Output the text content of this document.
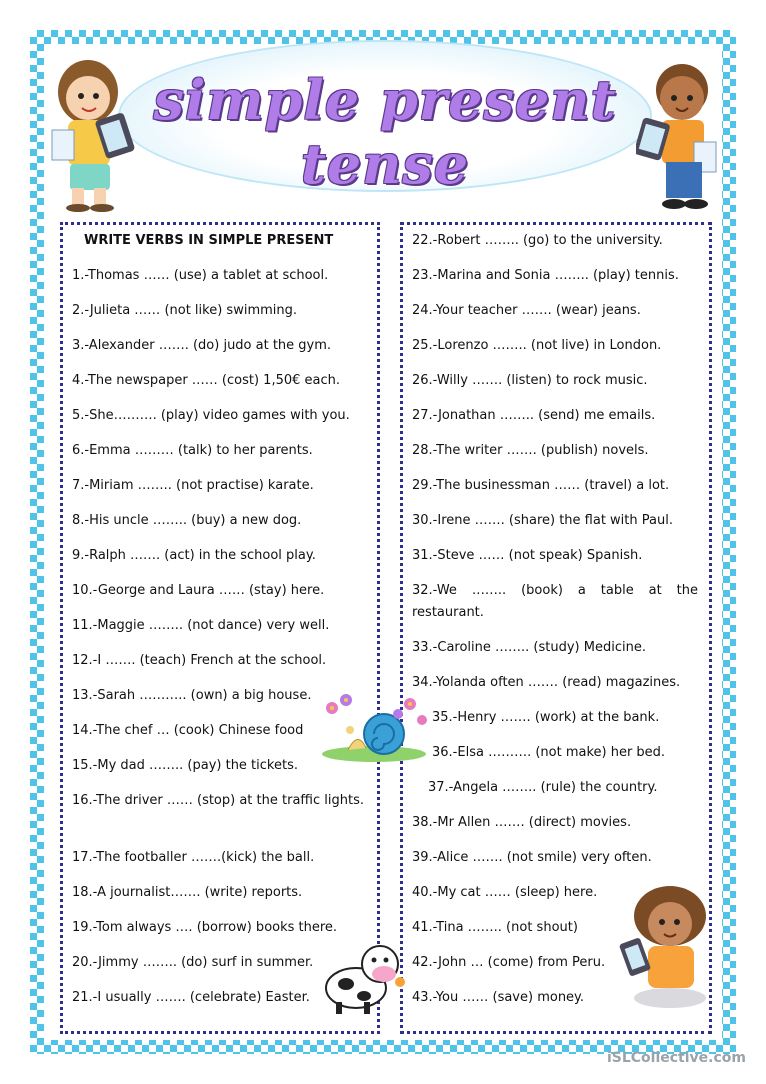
simple present tense
WRITE VERBS IN SIMPLE PRESENT
1.-Thomas …… (use) a tablet at school.
2.-Julieta …… (not like) swimming.
3.-Alexander ……. (do) judo at the gym.
4.-The newspaper …… (cost) 1,50€ each.
5.-She………. (play) video games with you.
6.-Emma ……… (talk) to her parents.
7.-Miriam …….. (not practise) karate.
8.-His uncle …….. (buy) a new dog.
9.-Ralph ……. (act) in the school play.
10.-George and Laura …… (stay) here.
11.-Maggie …….. (not dance) very well.
12.-I ……. (teach) French at the school.
13.-Sarah ……….. (own) a big house.
14.-The chef … (cook) Chinese food
15.-My dad …….. (pay) the tickets.
16.-The driver …… (stop) at the traffic lights.
17.-The footballer …….(kick) the ball.
18.-A journalist……. (write) reports.
19.-Tom always …. (borrow) books there.
20.-Jimmy …….. (do) surf in summer.
21.-I usually ……. (celebrate) Easter.
22.-Robert …….. (go) to the university.
23.-Marina and Sonia …….. (play) tennis.
24.-Your teacher ……. (wear) jeans.
25.-Lorenzo …….. (not live) in London.
26.-Willy ……. (listen) to rock music.
27.-Jonathan …….. (send) me emails.
28.-The writer ……. (publish) novels.
29.-The businessman …… (travel) a lot.
30.-Irene ……. (share) the flat with Paul.
31.-Steve …… (not speak) Spanish.
32.-We …….. (book) a table at the restaurant.
33.-Caroline …….. (study) Medicine.
34.-Yolanda often ……. (read) magazines.
35.-Henry ……. (work) at the bank.
36.-Elsa ………. (not make) her bed.
37.-Angela …….. (rule) the country.
38.-Mr Allen ……. (direct) movies.
39.-Alice ……. (not smile) very often.
40.-My cat …… (sleep) here.
41.-Tina …….. (not shout)
42.-John … (come) from Peru.
43.-You …… (save) money.
iSLCollective.com
